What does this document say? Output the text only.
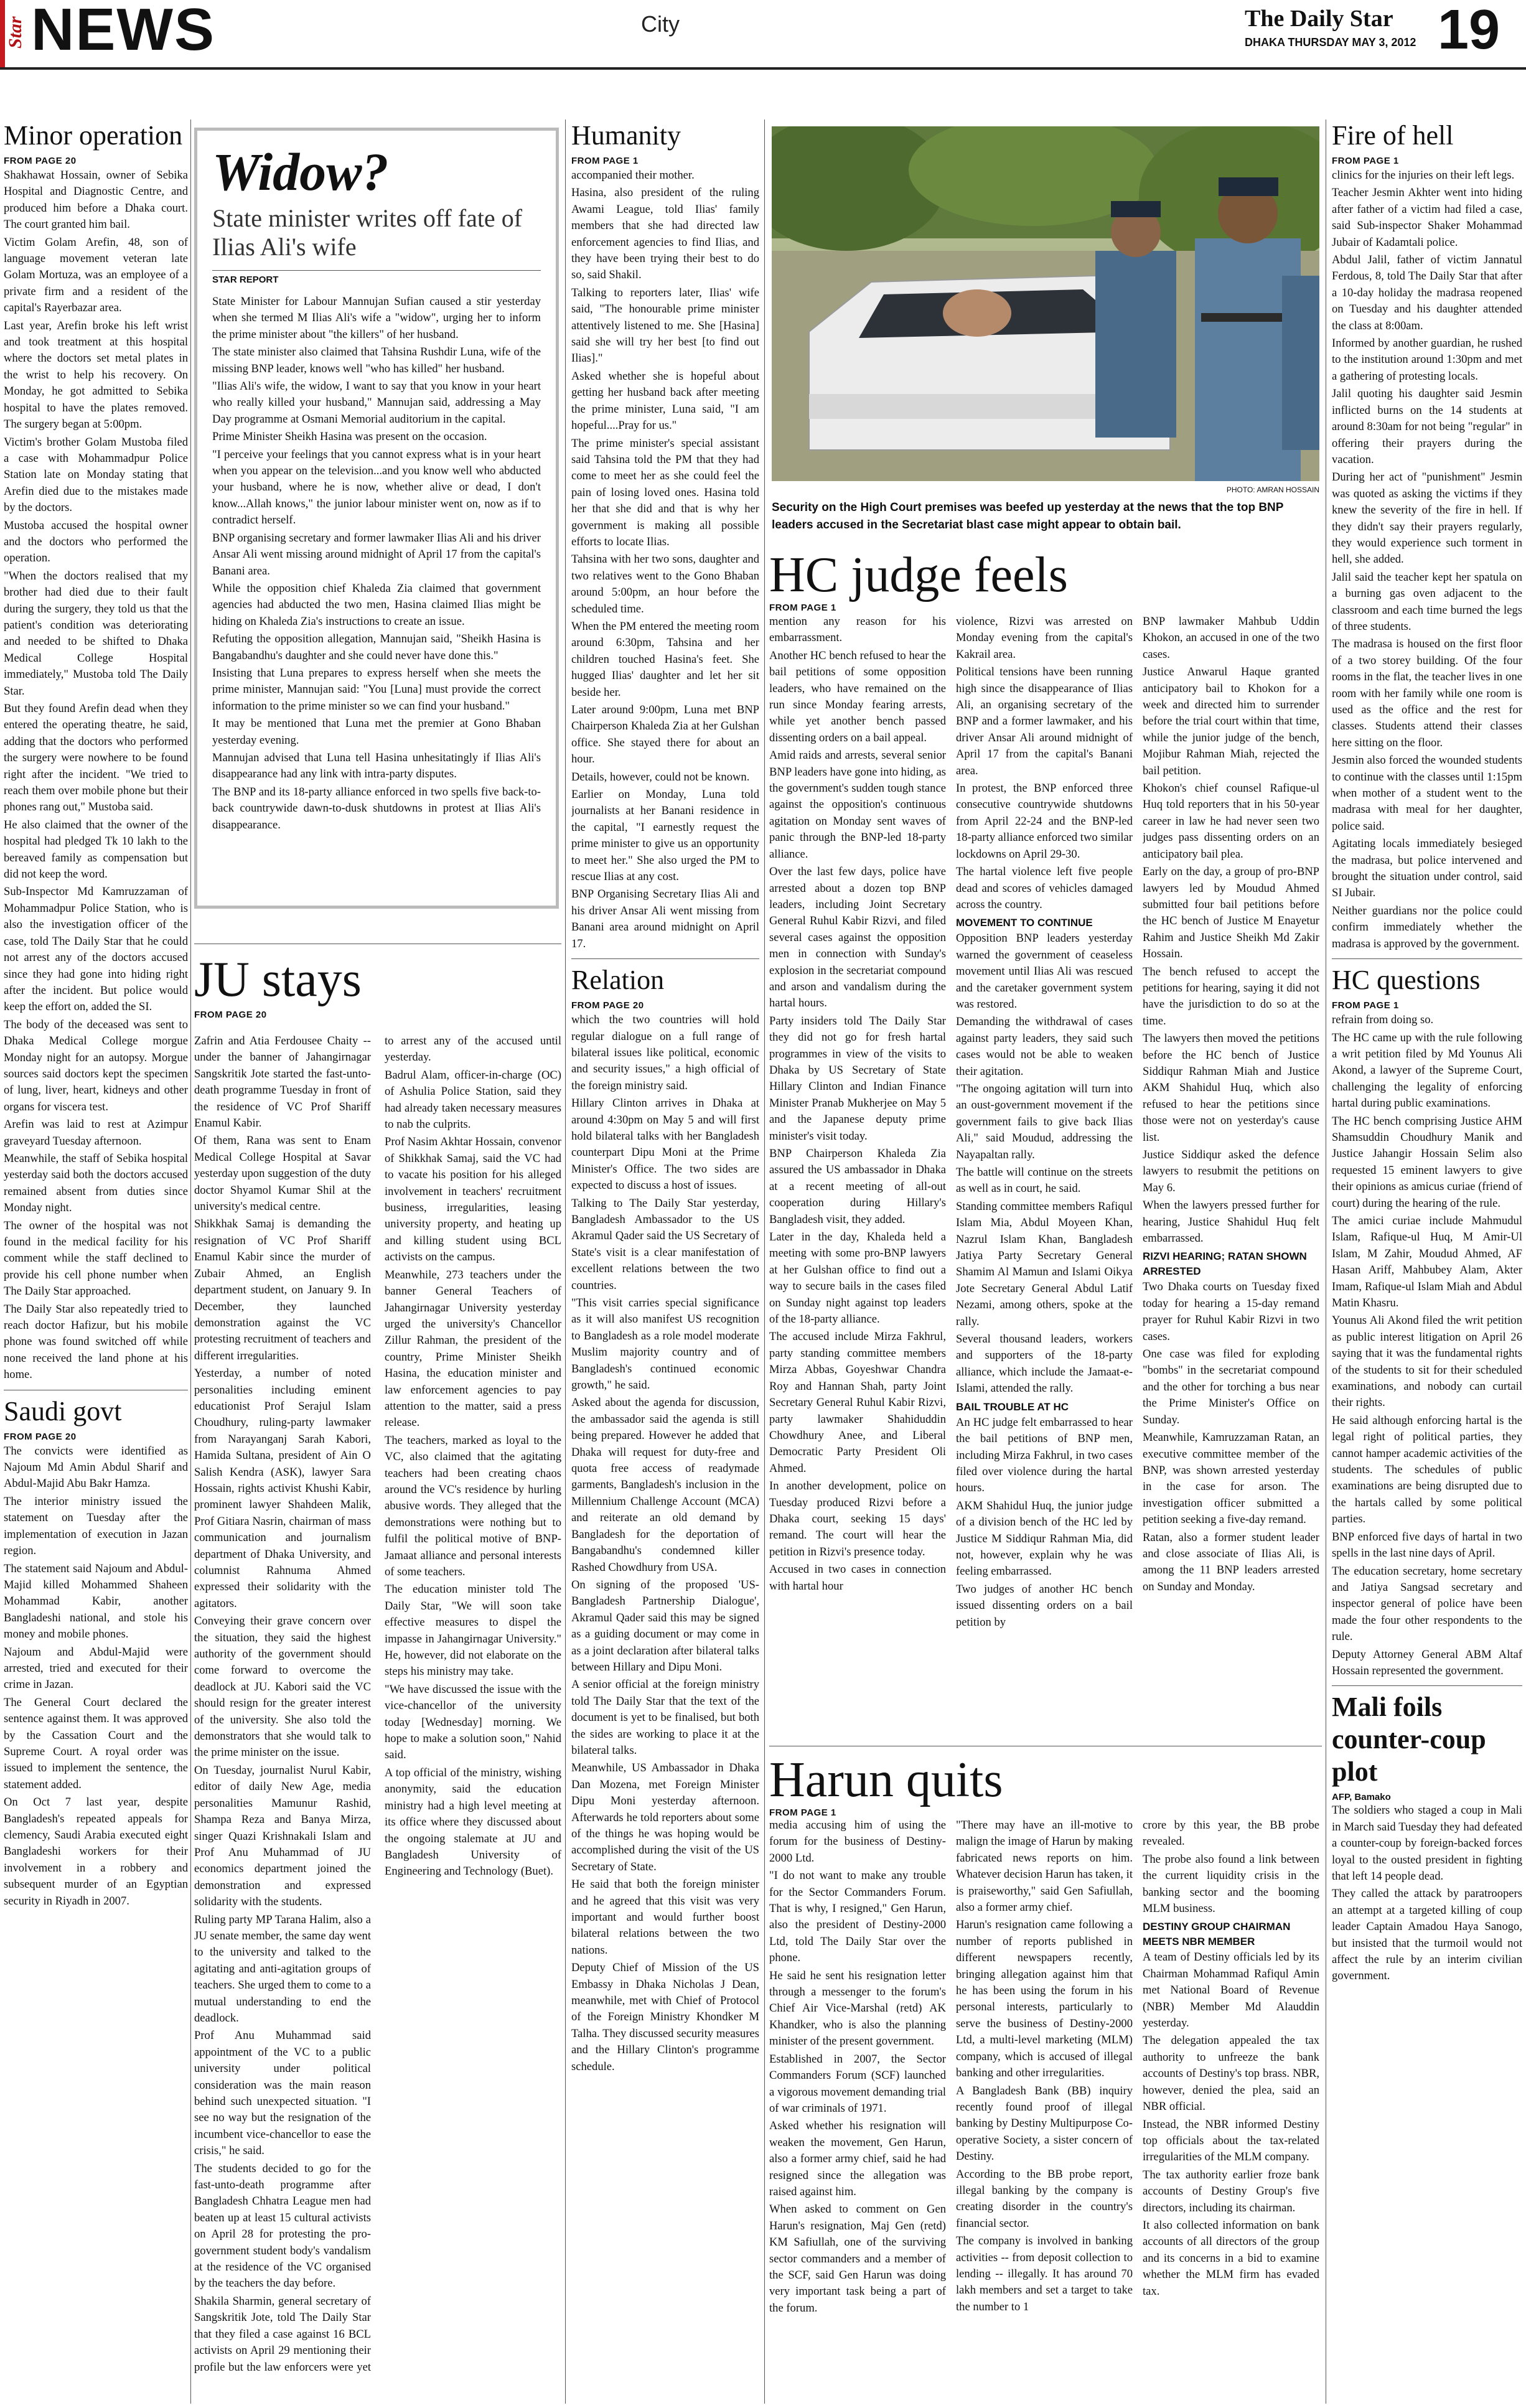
Star NEWS	City	The Daily Star
DHAKA THURSDAY MAY 3, 2012 19
Minor operation
FROM PAGE 20

Shakhawat Hossain, owner of Sebika Hospital and Diagnostic Centre, and produced him before a Dhaka court. The court granted him bail.

Victim Golam Arefin, 48, son of language movement veteran late Golam Mortuza, was an employee of a private firm and a resident of the capital's Rayerbazar area.

Last year, Arefin broke his left wrist and took treatment at this hospital where the doctors set metal plates in the wrist to help his recovery. On Monday, he got admitted to Sebika hospital to have the plates removed. The surgery began at 5:00pm.

Victim's brother Golam Mustoba filed a case with Mohammadpur Police Station late on Monday stating that Arefin died due to the mistakes made by the doctors.

Mustoba accused the hospital owner and the doctors who performed the operation.

"When the doctors realised that my brother had died due to their fault during the surgery, they told us that the patient's condition was deteriorating and needed to be shifted to Dhaka Medical College Hospital immediately," Mustoba told The Daily Star.

But they found Arefin dead when they entered the operating theatre, he said, adding that the doctors who performed the surgery were nowhere to be found right after the incident. "We tried to reach them over mobile phone but their phones rang out," Mustoba said.

He also claimed that the owner of the hospital had pledged Tk 10 lakh to the bereaved family as compensation but did not keep the word.

Sub-Inspector Md Kamruzzaman of Mohammadpur Police Station, who is also the investigation officer of the case, told The Daily Star that he could not arrest any of the doctors accused since they had gone into hiding right after the incident. But police would keep the effort on, added the SI.

The body of the deceased was sent to Dhaka Medical College morgue Monday night for an autopsy. Morgue sources said doctors kept the specimen of lung, liver, heart, kidneys and other organs for viscera test.

Arefin was laid to rest at Azimpur graveyard Tuesday afternoon.

Meanwhile, the staff of Sebika hospital yesterday said both the doctors accused remained absent from duties since Monday night.

The owner of the hospital was not found in the medical facility for his comment while the staff declined to provide his cell phone number when The Daily Star approached.

The Daily Star also repeatedly tried to reach doctor Hafizur, but his mobile phone was found switched off while none received the land phone at his home.

Saudi govt
FROM PAGE 20

The convicts were identified as Najoum Md Amin Abdul Sharif and Abdul-Majid Abu Bakr Hamza.

The interior ministry issued the statement on Tuesday after the implementation of execution in Jazan region.

The statement said Najoum and Abdul-Majid killed Mohammed Shaheen Mohammad Kabir, another Bangladeshi national, and stole his money and mobile phones.

Najoum and Abdul-Majid were arrested, tried and executed for their crime in Jazan.

The General Court declared the sentence against them. It was approved by the Cassation Court and the Supreme Court. A royal order was issued to implement the sentence, the statement added.

On Oct 7 last year, despite Bangladesh's repeated appeals for clemency, Saudi Arabia executed eight Bangladeshi workers for their involvement in a robbery and subsequent murder of an Egyptian security in Riyadh in 2007.

Widow?
State minister writes off fate of Ilias Ali's wife
STAR REPORT

State Minister for Labour Mannujan Sufian caused a stir yesterday when she termed M Ilias Ali's wife a "widow", urging her to inform the prime minister about "the killers" of her husband.

The state minister also claimed that Tahsina Rushdir Luna, wife of the missing BNP leader, knows well "who has killed" her husband.

"Ilias Ali's wife, the widow, I want to say that you know in your heart who really killed your husband," Mannujan said, addressing a May Day programme at Osmani Memorial auditorium in the capital.

Prime Minister Sheikh Hasina was present on the occasion.

"I perceive your feelings that you cannot express what is in your heart when you appear on the television...and you know well who abducted your husband, where he is now, whether alive or dead, I don't know...Allah knows," the junior labour minister went on, now as if to contradict herself.

BNP organising secretary and former lawmaker Ilias Ali and his driver Ansar Ali went missing around midnight of April 17 from the capital's Banani area.

While the opposition chief Khaleda Zia claimed that government agencies had abducted the two men, Hasina claimed Ilias might be hiding on Khaleda Zia's instructions to create an issue.

Refuting the opposition allegation, Mannujan said, "Sheikh Hasina is Bangabandhu's daughter and she could never have done this."

Insisting that Luna prepares to express herself when she meets the prime minister, Mannujan said: "You [Luna] must provide the correct information to the prime minister so we can find your husband."

It may be mentioned that Luna met the premier at Gono Bhaban yesterday evening.

Mannujan advised that Luna tell Hasina unhesitatingly if Ilias Ali's disappearance had any link with intra-party disputes.

The BNP and its 18-party alliance enforced in two spells five back-to-back countrywide dawn-to-dusk shutdowns in protest at Ilias Ali's disappearance.

JU stays
FROM PAGE 20

Zafrin and Atia Ferdousee Chaity -- under the banner of Jahangirnagar Sangskritik Jote started the fast-unto-death programme Tuesday in front of the residence of VC Prof Shariff Enamul Kabir.

Of them, Rana was sent to Enam Medical College Hospital at Savar yesterday upon suggestion of the duty doctor Shyamol Kumar Shil at the university's medical centre.

Shikkhak Samaj is demanding the resignation of VC Prof Shariff Enamul Kabir since the murder of Zubair Ahmed, an English department student, on January 9. In December, they launched demonstration against the VC protesting recruitment of teachers and different irregularities.

Yesterday, a number of noted personalities including eminent educationist Prof Serajul Islam Choudhury, ruling-party lawmaker from Narayanganj Sarah Kabori, Hamida Sultana, president of Ain O Salish Kendra (ASK), lawyer Sara Hossain, rights activist Khushi Kabir, prominent lawyer Shahdeen Malik, Prof Gitiara Nasrin, chairman of mass communication and journalism department of Dhaka University, and columnist Rahnuma Ahmed expressed their solidarity with the agitators.

Conveying their grave concern over the situation, they said the highest authority of the government should come forward to overcome the deadlock at JU. Kabori said the VC should resign for the greater interest of the university. She also told the demonstrators that she would talk to the prime minister on the issue.

On Tuesday, journalist Nurul Kabir, editor of daily New Age, media personalities Mamunur Rashid, Shampa Reza and Banya Mirza, singer Quazi Krishnakali Islam and Prof Anu Muhammad of JU economics department joined the demonstration and expressed solidarity with the students.

Ruling party MP Tarana Halim, also a JU senate member, the same day went to the university and talked to the agitating and anti-agitation groups of teachers. She urged them to come to a mutual understanding to end the deadlock.

Prof Anu Muhammad said appointment of the VC to a public university under political consideration was the main reason behind such unexpected situation. "I see no way but the resignation of the incumbent vice-chancellor to ease the crisis," he said.

The students decided to go for the fast-unto-death programme after Bangladesh Chhatra League men had beaten up at least 15 cultural activists on April 28 for protesting the pro-government student body's vandalism at the residence of the VC organised by the teachers the day before.

Shakila Sharmin, general secretary of Sangskritik Jote, told The Daily Star that they filed a case against 16 BCL activists on April 29 mentioning their profile but the law enforcers were yet to arrest any of the accused until yesterday.

Badrul Alam, officer-in-charge (OC) of Ashulia Police Station, said they had already taken necessary measures to nab the culprits.

Prof Nasim Akhtar Hossain, convenor of Shikkhak Samaj, said the VC had to vacate his position for his alleged involvement in teachers' recruitment business, irregularities, leasing university property, and heating up and killing student using BCL activists on the campus.

Meanwhile, 273 teachers under the banner General Teachers of Jahangirnagar University yesterday urged the university's Chancellor Zillur Rahman, the president of the country, Prime Minister Sheikh Hasina, the education minister and law enforcement agencies to pay attention to the matter, said a press release.

The teachers, marked as loyal to the VC, also claimed that the agitating teachers had been creating chaos around the VC's residence by hurling abusive words. They alleged that the demonstrations were nothing but to fulfil the political motive of BNP-Jamaat alliance and personal interests of some teachers.

The education minister told The Daily Star, "We will soon take effective measures to dispel the impasse in Jahangirnagar University." He, however, did not elaborate on the steps his ministry may take.

"We have discussed the issue with the vice-chancellor of the university today [Wednesday] morning. We hope to make a solution soon," Nahid said.

A top official of the ministry, wishing anonymity, said the education ministry had a high level meeting at its office where they discussed about the ongoing stalemate at JU and Bangladesh University of Engineering and Technology (Buet).

Humanity
FROM PAGE 1

accompanied their mother.

Hasina, also president of the ruling Awami League, told Ilias' family members that she had directed law enforcement agencies to find Ilias, and they have been trying their best to do so, said Shakil.

Talking to reporters later, Ilias' wife said, "The honourable prime minister attentively listened to me. She [Hasina] said she will try her best [to find out Ilias]."

Asked whether she is hopeful about getting her husband back after meeting the prime minister, Luna said, "I am hopeful....Pray for us."

The prime minister's special assistant said Tahsina told the PM that they had come to meet her as she could feel the pain of losing loved ones. Hasina told her that she did and that is why her government is making all possible efforts to locate Ilias.

Tahsina with her two sons, daughter and two relatives went to the Gono Bhaban around 5:00pm, an hour before the scheduled time.

When the PM entered the meeting room around 6:30pm, Tahsina and her children touched Hasina's feet. She hugged Ilias' daughter and let her sit beside her.

Later around 9:00pm, Luna met BNP Chairperson Khaleda Zia at her Gulshan office. She stayed there for about an hour.

Details, however, could not be known.

Earlier on Monday, Luna told journalists at her Banani residence in the capital, "I earnestly request the prime minister to give us an opportunity to meet her." She also urged the PM to rescue Ilias at any cost.

BNP Organising Secretary Ilias Ali and his driver Ansar Ali went missing from Banani area around midnight on April 17.

Relation
FROM PAGE 20

which the two countries will hold regular dialogue on a full range of bilateral issues like political, economic and security issues," a high official of the foreign ministry said.

Hillary Clinton arrives in Dhaka at around 4:30pm on May 5 and will first hold bilateral talks with her Bangladesh counterpart Dipu Moni at the Prime Minister's Office. The two sides are expected to discuss a host of issues.

Talking to The Daily Star yesterday, Bangladesh Ambassador to the US Akramul Qader said the US Secretary of State's visit is a clear manifestation of excellent relations between the two countries.

"This visit carries special significance as it will also manifest US recognition to Bangladesh as a role model moderate Muslim majority country and of Bangladesh's continued economic growth," he said.

Asked about the agenda for discussion, the ambassador said the agenda is still being prepared. However he added that Dhaka will request for duty-free and quota free access of readymade garments, Bangladesh's inclusion in the Millennium Challenge Account (MCA) and reiterate an old demand by Bangladesh for the deportation of Bangabandhu's condemned killer Rashed Chowdhury from USA.

On signing of the proposed 'US-Bangladesh Partnership Dialogue', Akramul Qader said this may be signed as a guiding document or may come in as a joint declaration after bilateral talks between Hillary and Dipu Moni.

A senior official at the foreign ministry told The Daily Star that the text of the document is yet to be finalised, but both the sides are working to place it at the bilateral talks.

Meanwhile, US Ambassador in Dhaka Dan Mozena, met Foreign Minister Dipu Moni yesterday afternoon. Afterwards he told reporters about some of the things he was hoping would be accomplished during the visit of the US Secretary of State.

He said that both the foreign minister and he agreed that this visit was very important and would further boost bilateral relations between the two nations.

Deputy Chief of Mission of the US Embassy in Dhaka Nicholas J Dean, meanwhile, met with Chief of Protocol of the Foreign Ministry Khondker M Talha. They discussed security measures and the Hillary Clinton's programme schedule.

PHOTO: AMRAN HOSSAIN
Security on the High Court premises was beefed up yesterday at the news that the top BNP leaders accused in the Secretariat blast case might appear to obtain bail.
HC judge feels
FROM PAGE 1

mention any reason for his embarrassment.

Another HC bench refused to hear the bail petitions of some opposition leaders, who have remained on the run since Monday fearing arrests, while yet another bench passed dissenting orders on a bail appeal.

Amid raids and arrests, several senior BNP leaders have gone into hiding, as the government's sudden tough stance against the opposition's continuous agitation on Monday sent waves of panic through the BNP-led 18-party alliance.

Over the last few days, police have arrested about a dozen top BNP leaders, including Joint Secretary General Ruhul Kabir Rizvi, and filed several cases against the opposition men in connection with Sunday's explosion in the secretariat compound and arson and vandalism during the hartal hours.

Party insiders told The Daily Star they did not go for fresh hartal programmes in view of the visits to Dhaka by US Secretary of State Hillary Clinton and Indian Finance Minister Pranab Mukherjee on May 5 and the Japanese deputy prime minister's visit today.

BNP Chairperson Khaleda Zia assured the US ambassador in Dhaka at a recent meeting of all-out cooperation during Hillary's Bangladesh visit, they added.

Later in the day, Khaleda held a meeting with some pro-BNP lawyers at her Gulshan office to find out a way to secure bails in the cases filed on Sunday night against top leaders of the 18-party alliance.

The accused include Mirza Fakhrul, party standing committee members Mirza Abbas, Goyeshwar Chandra Roy and Hannan Shah, party Joint Secretary General Ruhul Kabir Rizvi, party lawmaker Shahiduddin Chowdhury Anee, and Liberal Democratic Party President Oli Ahmed.

In another development, police on Tuesday produced Rizvi before a Dhaka court, seeking 15 days' remand. The court will hear the petition in Rizvi's presence today.

Accused in two cases in connection with hartal hour

violence, Rizvi was arrested on Monday evening from the capital's Kakrail area.

Political tensions have been running high since the disappearance of Ilias Ali, an organising secretary of the BNP and a former lawmaker, and his driver Ansar Ali around midnight of April 17 from the capital's Banani area.

In protest, the BNP enforced three consecutive countrywide shutdowns from April 22-24 and the BNP-led 18-party alliance enforced two similar lockdowns on April 29-30.

The hartal violence left five people dead and scores of vehicles damaged across the country.

MOVEMENT TO CONTINUE

Opposition BNP leaders yesterday warned the government of ceaseless movement until Ilias Ali was rescued and the caretaker government system was restored.

Demanding the withdrawal of cases against party leaders, they said such cases would not be able to weaken their agitation.

"The ongoing agitation will turn into an oust-government movement if the government fails to give back Ilias Ali," said Moudud, addressing the Nayapaltan rally.

The battle will continue on the streets as well as in court, he said.

Standing committee members Rafiqul Islam Mia, Abdul Moyeen Khan, Nazrul Islam Khan, Bangladesh Jatiya Party Secretary General Shamim Al Mamun and Islami Oikya Jote Secretary General Abdul Latif Nezami, among others, spoke at the rally.

Several thousand leaders, workers and supporters of the 18-party alliance, which include the Jamaat-e-Islami, attended the rally.

BAIL TROUBLE AT HC

An HC judge felt embarrassed to hear the bail petitions of BNP men, including Mirza Fakhrul, in two cases filed over violence during the hartal hours.

AKM Shahidul Huq, the junior judge of a division bench of the HC led by Justice M Siddiqur Rahman Mia, did not, however, explain why he was feeling embarrassed.

Two judges of another HC bench issued dissenting orders on a bail petition by

BNP lawmaker Mahbub Uddin Khokon, an accused in one of the two cases.

Justice Anwarul Haque granted anticipatory bail to Khokon for a week and directed him to surrender before the trial court within that time, while the junior judge of the bench, Mojibur Rahman Miah, rejected the bail petition.

Khokon's chief counsel Rafique-ul Huq told reporters that in his 50-year career in law he had never seen two judges pass dissenting orders on an anticipatory bail plea.

Early on the day, a group of pro-BNP lawyers led by Moudud Ahmed submitted four bail petitions before the HC bench of Justice M Enayetur Rahim and Justice Sheikh Md Zakir Hossain.

The bench refused to accept the petitions for hearing, saying it did not have the jurisdiction to do so at the time.

The lawyers then moved the petitions before the HC bench of Justice Siddiqur Rahman Miah and Justice AKM Shahidul Huq, which also refused to hear the petitions since those were not on yesterday's cause list.

Justice Siddiqur asked the defence lawyers to resubmit the petitions on May 6.

When the lawyers pressed further for hearing, Justice Shahidul Huq felt embarrassed.

RIZVI HEARING; RATAN SHOWN ARRESTED

Two Dhaka courts on Tuesday fixed today for hearing a 15-day remand prayer for Ruhul Kabir Rizvi in two cases.

One case was filed for exploding "bombs" in the secretariat compound and the other for torching a bus near the Prime Minister's Office on Sunday.

Meanwhile, Kamruzzaman Ratan, an executive committee member of the BNP, was shown arrested yesterday in the case for arson. The investigation officer submitted a petition seeking a five-day remand.

Ratan, also a former student leader and close associate of Ilias Ali, is among the 11 BNP leaders arrested on Sunday and Monday.

Harun quits
FROM PAGE 1

media accusing him of using the forum for the business of Destiny-2000 Ltd.

"I do not want to make any trouble for the Sector Commanders Forum. That is why, I resigned," Gen Harun, also the president of Destiny-2000 Ltd, told The Daily Star over the phone.

He said he sent his resignation letter through a messenger to the forum's Chief Air Vice-Marshal (retd) AK Khandker, who is also the planning minister of the present government.

Established in 2007, the Sector Commanders Forum (SCF) launched a vigorous movement demanding trial of war criminals of 1971.

Asked whether his resignation will weaken the movement, Gen Harun, also a former army chief, said he had resigned since the allegation was raised against him.

When asked to comment on Gen Harun's resignation, Maj Gen (retd) KM Safiullah, one of the surviving sector commanders and a member of the SCF, said Gen Harun was doing very important task being a part of the forum.

"There may have an ill-motive to malign the image of Harun by making fabricated news reports on him. Whatever decision Harun has taken, it is praiseworthy," said Gen Safiullah, also a former army chief.

Harun's resignation came following a number of reports published in different newspapers recently, bringing allegation against him that he has been using the forum in his personal interests, particularly to serve the business of Destiny-2000 Ltd, a multi-level marketing (MLM) company, which is accused of illegal banking and other irregularities.

A Bangladesh Bank (BB) inquiry recently found proof of illegal banking by Destiny Multipurpose Co-operative Society, a sister concern of Destiny.

According to the BB probe report, illegal banking by the company is creating disorder in the country's financial sector.

The company is involved in banking activities -- from deposit collection to lending -- illegally. It has around 70 lakh members and set a target to take the number to 1

crore by this year, the BB probe revealed.

The probe also found a link between the current liquidity crisis in the banking sector and the booming MLM business.

DESTINY GROUP CHAIRMAN MEETS NBR MEMBER

A team of Destiny officials led by its Chairman Mohammad Rafiqul Amin met National Board of Revenue (NBR) Member Md Alauddin yesterday.

The delegation appealed the tax authority to unfreeze the bank accounts of Destiny's top brass. NBR, however, denied the plea, said an NBR official.

Instead, the NBR informed Destiny top officials about the tax-related irregularities of the MLM company.

The tax authority earlier froze bank accounts of Destiny Group's five directors, including its chairman.

It also collected information on bank accounts of all directors of the group and its concerns in a bid to examine whether the MLM firm has evaded tax.

Fire of hell
FROM PAGE 1

clinics for the injuries on their left legs.

Teacher Jesmin Akhter went into hiding after father of a victim had filed a case, said Sub-inspector Shaker Mohammad Jubair of Kadamtali police.

Abdul Jalil, father of victim Jannatul Ferdous, 8, told The Daily Star that after a 10-day holiday the madrasa reopened on Tuesday and his daughter attended the class at 8:00am.

Informed by another guardian, he rushed to the institution around 1:30pm and met a gathering of protesting locals.

Jalil quoting his daughter said Jesmin inflicted burns on the 14 students at around 8:30am for not being "regular" in offering their prayers during the vacation.

During her act of "punishment" Jesmin was quoted as asking the victims if they knew the severity of the fire in hell. If they didn't say their prayers regularly, they would experience such torment in hell, she added.

Jalil said the teacher kept her spatula on a burning gas oven adjacent to the classroom and each time burned the legs of three students.

The madrasa is housed on the first floor of a two storey building. Of the four rooms in the flat, the teacher lives in one room with her family while one room is used as the office and the rest for classes. Students attend their classes here sitting on the floor.

Jesmin also forced the wounded students to continue with the classes until 1:15pm when mother of a student went to the madrasa with meal for her daughter, police said.

Agitating locals immediately besieged the madrasa, but police intervened and brought the situation under control, said SI Jubair.

Neither guardians nor the police could confirm immediately whether the madrasa is approved by the government.

HC questions
FROM PAGE 1

refrain from doing so.

The HC came up with the rule following a writ petition filed by Md Younus Ali Akond, a lawyer of the Supreme Court, challenging the legality of enforcing hartal during public examinations.

The HC bench comprising Justice AHM Shamsuddin Choudhury Manik and Justice Jahangir Hossain Selim also requested 15 eminent lawyers to give their opinions as amicus curiae (friend of court) during the hearing of the rule.

The amici curiae include Mahmudul Islam, Rafique-ul Huq, M Amir-Ul Islam, M Zahir, Moudud Ahmed, AF Hasan Ariff, Mahbubey Alam, Akter Imam, Rafique-ul Islam Miah and Abdul Matin Khasru.

Younus Ali Akond filed the writ petition as public interest litigation on April 26 saying that it was the fundamental rights of the students to sit for their scheduled examinations, and nobody can curtail their rights.

He said although enforcing hartal is the legal right of political parties, they cannot hamper academic activities of the students. The schedules of public examinations are being disrupted due to the hartals called by some political parties.

BNP enforced five days of hartal in two spells in the last nine days of April.

The education secretary, home secretary and Jatiya Sangsad secretary and inspector general of police have been made the four other respondents to the rule.

Deputy Attorney General ABM Altaf Hossain represented the government.

Mali foils counter-coup plot
AFP, Bamako

The soldiers who staged a coup in Mali in March said Tuesday they had defeated a counter-coup by foreign-backed forces loyal to the ousted president in fighting that left 14 people dead.

They called the attack by paratroopers an attempt at a targeted killing of coup leader Captain Amadou Haya Sanogo, but insisted that the turmoil would not affect the rule by an interim civilian government.
